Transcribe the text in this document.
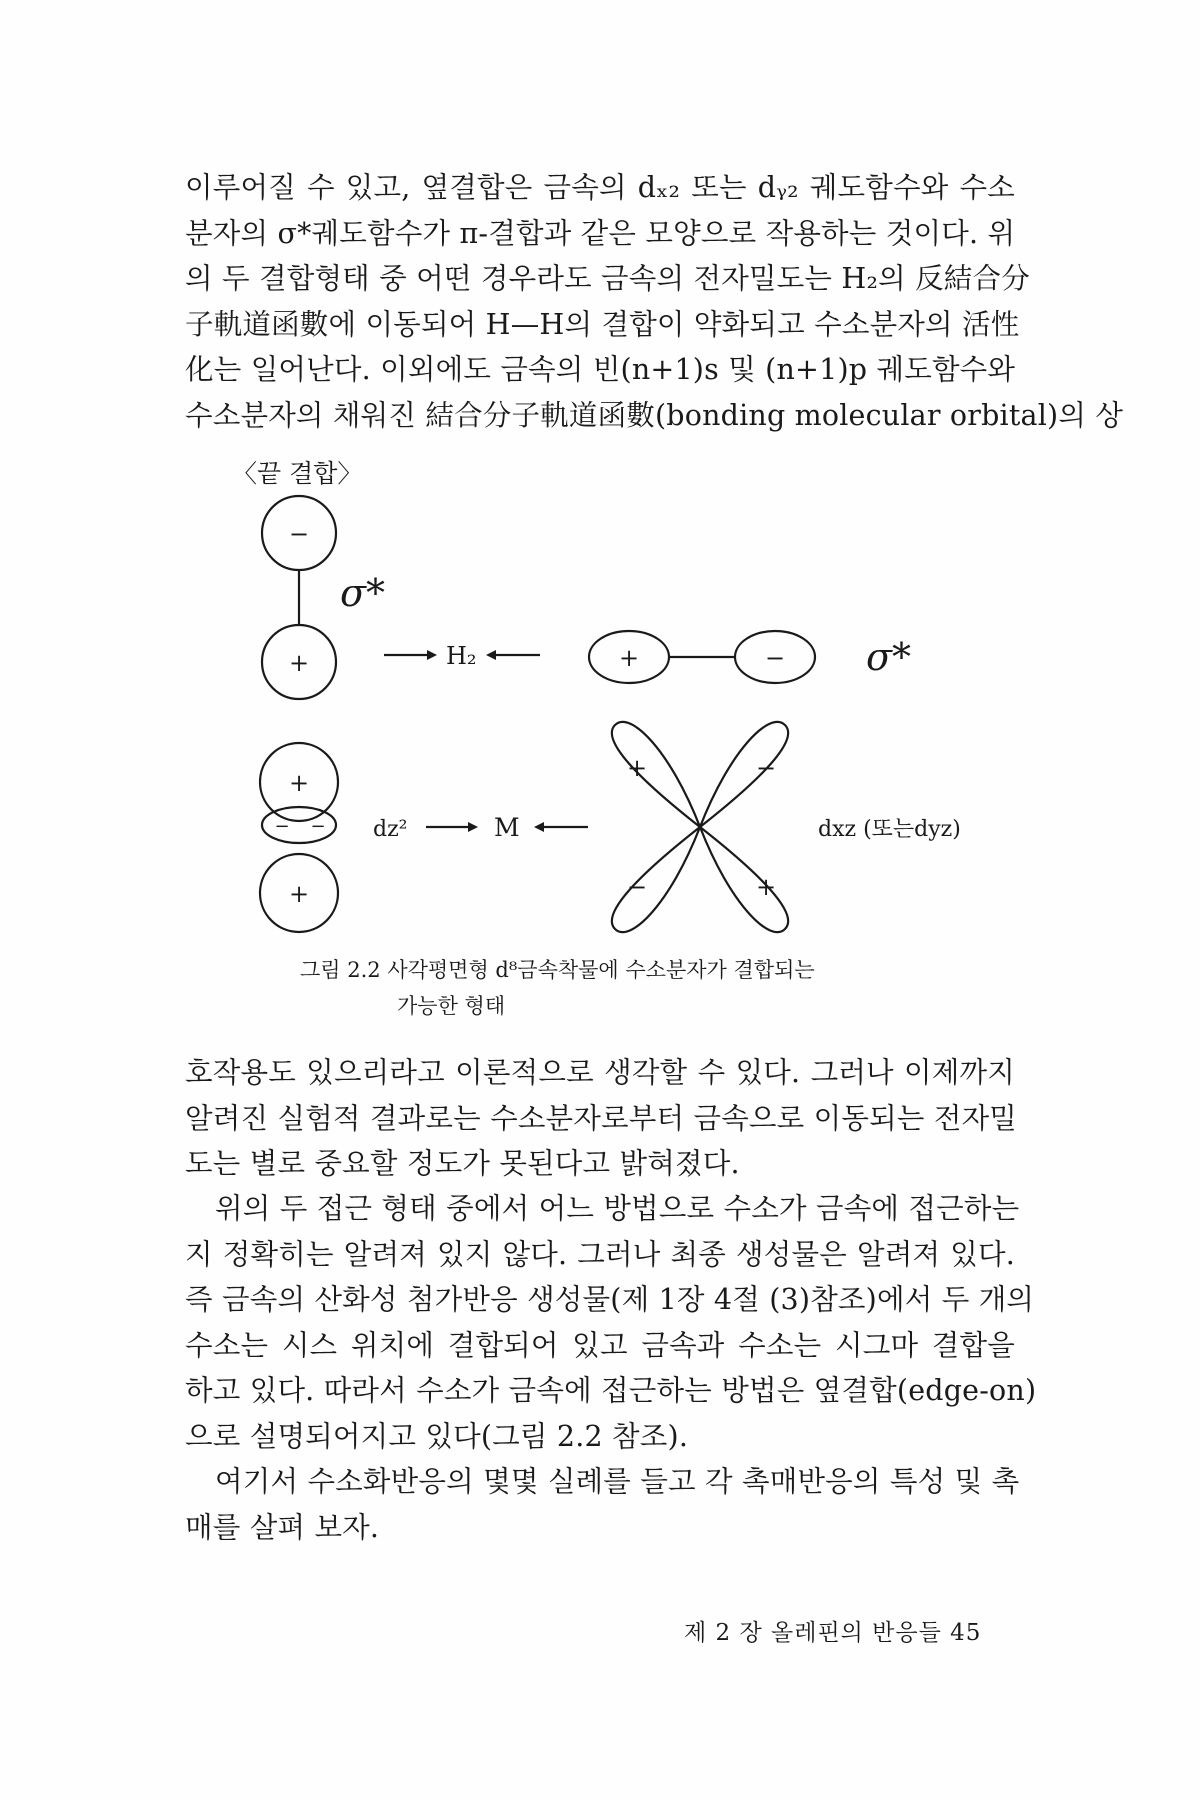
이루어질 수 있고, 옆결합은 금속의 dₓ₂ 또는 dᵧ₂ 궤도함수와 수소
분자의 σ*궤도함수가 π-결합과 같은 모양으로 작용하는 것이다. 위
의 두 결합형태 중 어떤 경우라도 금속의 전자밀도는 H₂의 反結合分
子軌道函數에 이동되어 H—H의 결합이 약화되고 수소분자의 活性
化는 일어난다. 이외에도 금속의 빈(n+1)s 및 (n+1)p 궤도함수와
수소분자의 채워진 結合分子軌道函數(bonding molecular orbital)의 상
〈끝 결합〉
−
+	+	−
+
− −
+
+	−
−	+
σ*
σ*
H₂
M
dz²	dxz (또는dyz)
그림 2.2 사각평면형 d⁸금속착물에 수소분자가 결합되는
가능한 형태
호작용도 있으리라고 이론적으로 생각할 수 있다. 그러나 이제까지
알려진 실험적 결과로는 수소분자로부터 금속으로 이동되는 전자밀
도는 별로 중요할 정도가 못된다고 밝혀졌다.
위의 두 접근 형태 중에서 어느 방법으로 수소가 금속에 접근하는
지 정확히는 알려져 있지 않다. 그러나 최종 생성물은 알려져 있다.
즉 금속의 산화성 첨가반응 생성물(제 1장 4절 (3)참조)에서 두 개의
수소는 시스 위치에 결합되어 있고 금속과 수소는 시그마 결합을
하고 있다. 따라서 수소가 금속에 접근하는 방법은 옆결합(edge-on)
으로 설명되어지고 있다(그림 2.2 참조).
여기서 수소화반응의 몇몇 실례를 들고 각 촉매반응의 특성 및 촉
매를 살펴 보자.
제 2 장 올레핀의 반응들 45
